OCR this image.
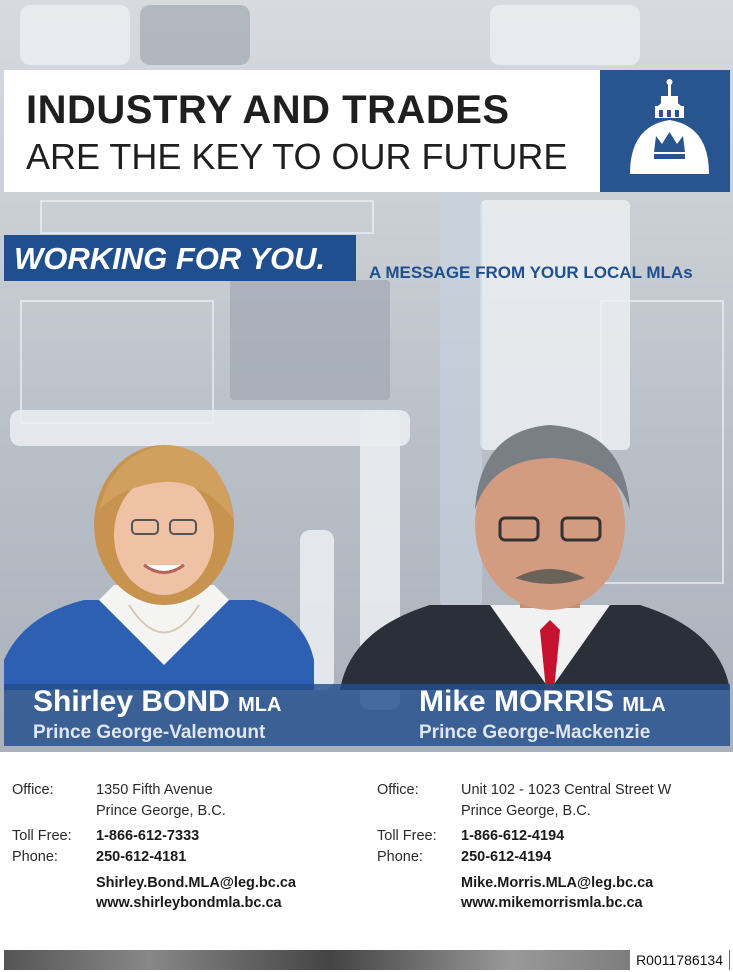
INDUSTRY AND TRADES
ARE THE KEY TO OUR FUTURE
WORKING FOR YOU.	A MESSAGE FROM YOUR LOCAL MLAs
Shirley BOND MLA
Prince George-Valemount
Mike MORRIS MLA
Prince George-Mackenzie
Office:	1350 Fifth Avenue
Prince George, B.C.
Toll Free: 1-866-612-7333
Phone:	250-612-4181
Shirley.Bond.MLA@leg.bc.ca
www.shirleybondmla.bc.ca
Office:	Unit 102 - 1023 Central Street W
Prince George, B.C.
Toll Free: 1-866-612-4194
Phone:	250-612-4194
Mike.Morris.MLA@leg.bc.ca
www.mikemorrismla.bc.ca
R0011786134
